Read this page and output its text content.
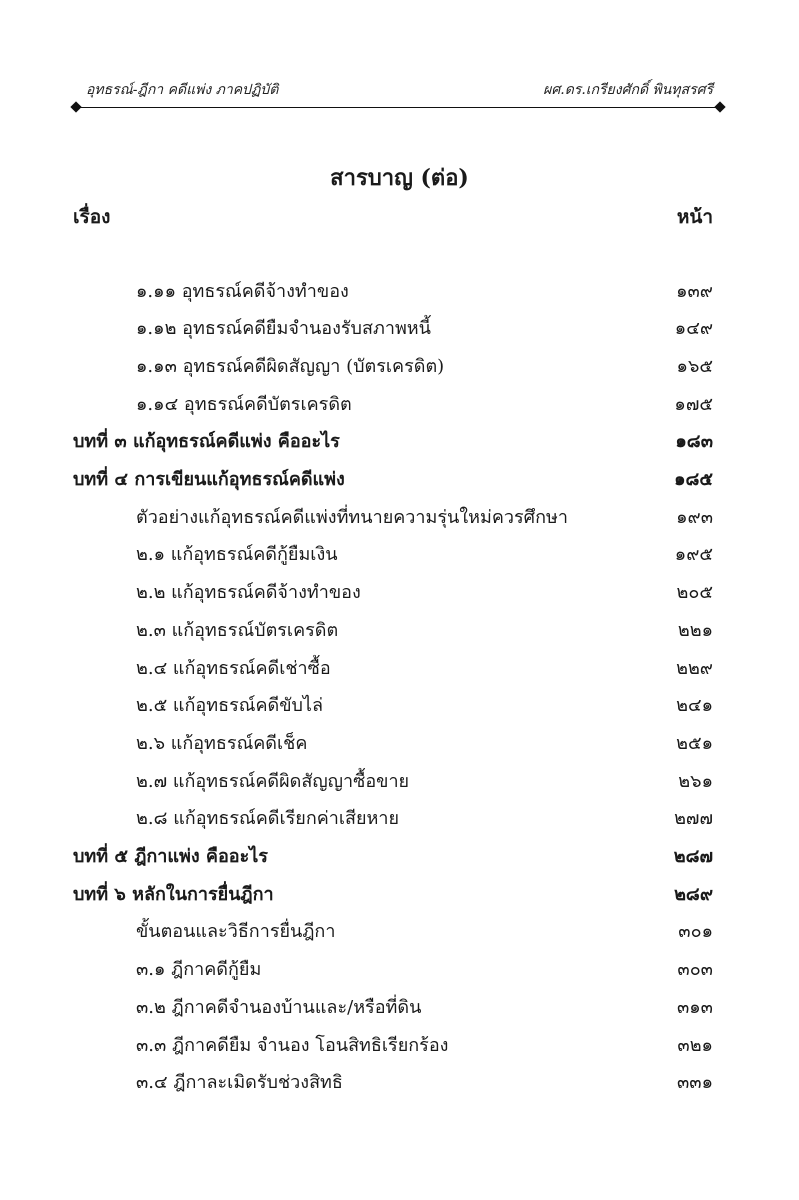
อุทธรณ์-ฎีกา คดีแพ่ง ภาคปฏิบัติ	ผศ.ดร.เกรียงศักดิ์ พินทุสรศรี
สารบาญ (ต่อ)
เรื่อง	หน้า
๑.๑๑ อุทธรณ์คดีจ้างทำของ	๑๓๙
๑.๑๒ อุทธรณ์คดียืมจำนองรับสภาพหนี้	๑๔๙
๑.๑๓ อุทธรณ์คดีผิดสัญญา (บัตรเครดิต)	๑๖๕
๑.๑๔ อุทธรณ์คดีบัตรเครดิต	๑๗๕
บทที่ ๓ แก้อุทธรณ์คดีแพ่ง คืออะไร	๑๘๓
บทที่ ๔ การเขียนแก้อุทธรณ์คดีแพ่ง	๑๘๕
ตัวอย่างแก้อุทธรณ์คดีแพ่งที่ทนายความรุ่นใหม่ควรศึกษา	๑๙๓
๒.๑ แก้อุทธรณ์คดีกู้ยืมเงิน	๑๙๕
๒.๒ แก้อุทธรณ์คดีจ้างทำของ	๒๐๕
๒.๓ แก้อุทธรณ์บัตรเครดิต	๒๒๑
๒.๔ แก้อุทธรณ์คดีเช่าซื้อ	๒๒๙
๒.๕ แก้อุทธรณ์คดีขับไล่	๒๔๑
๒.๖ แก้อุทธรณ์คดีเช็ค	๒๕๑
๒.๗ แก้อุทธรณ์คดีผิดสัญญาซื้อขาย	๒๖๑
๒.๘ แก้อุทธรณ์คดีเรียกค่าเสียหาย	๒๗๗
บทที่ ๕ ฎีกาแพ่ง คืออะไร	๒๘๗
บทที่ ๖ หลักในการยื่นฎีกา	๒๘๙
ขั้นตอนและวิธีการยื่นฎีกา	๓๐๑
๓.๑ ฎีกาคดีกู้ยืม	๓๐๓
๓.๒ ฎีกาคดีจำนองบ้านและ/หรือที่ดิน	๓๑๓
๓.๓ ฎีกาคดียืม จำนอง โอนสิทธิเรียกร้อง	๓๒๑
๓.๔ ฎีกาละเมิดรับช่วงสิทธิ	๓๓๑
